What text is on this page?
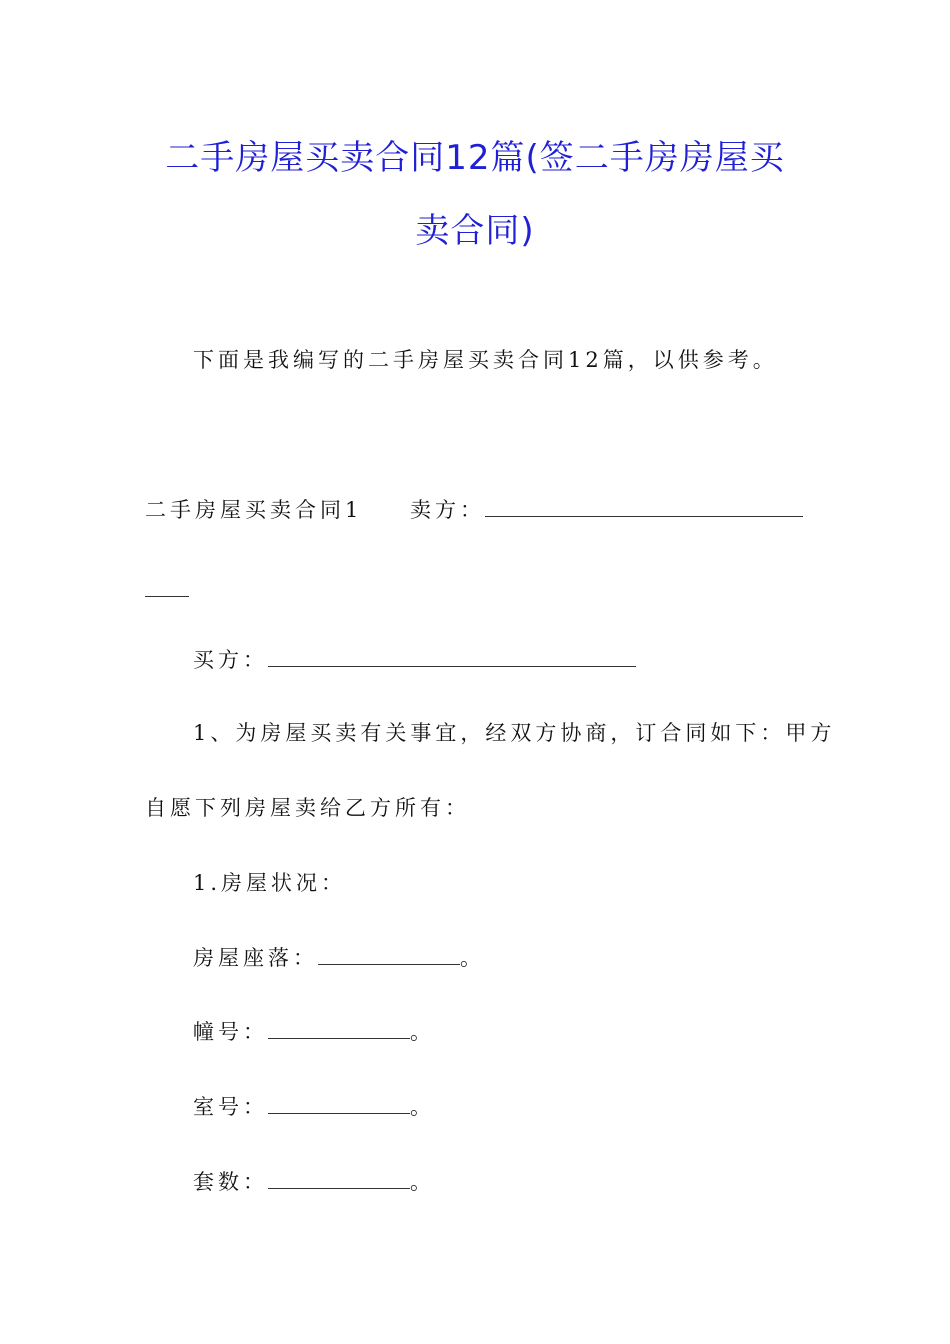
二手房屋买卖合同12篇(签二手房房屋买
卖合同)
下面是我编写的二手房屋买卖合同12篇，以供参考。
二手房屋买卖合同1 卖方：
买方：
1、为房屋买卖有关事宜，经双方协商，订合同如下：甲方
自愿下列房屋卖给乙方所有：
1.房屋状况：
房屋座落：	。
幢号：	。
室号：	。
套数：	。
